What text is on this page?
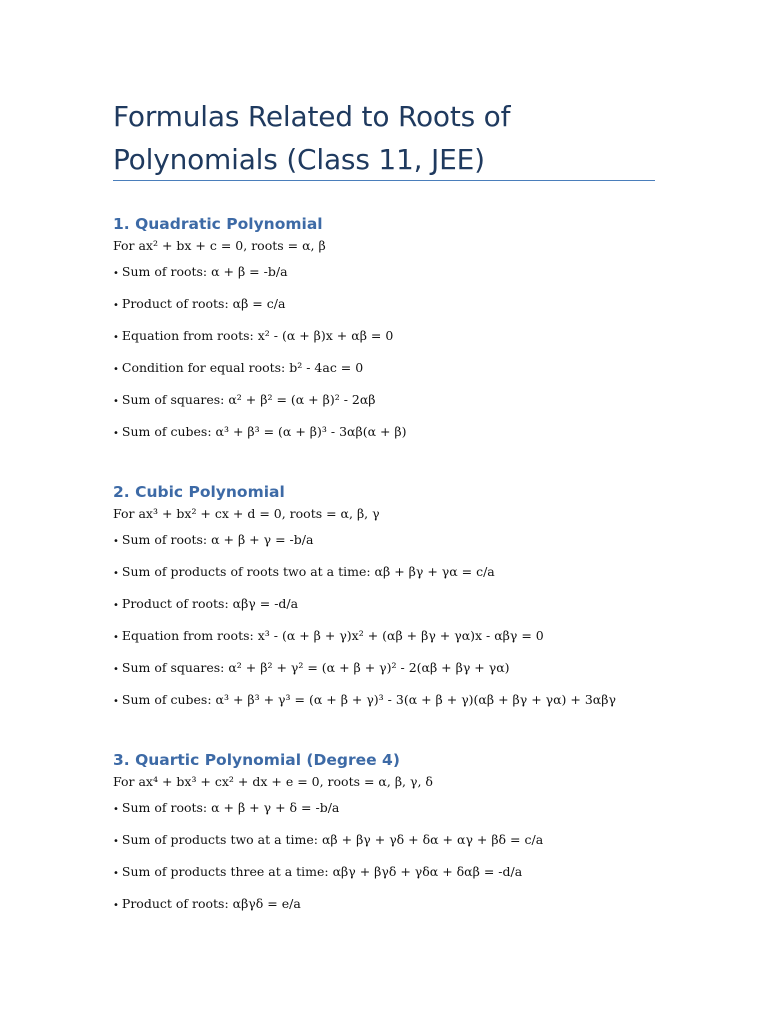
Formulas Related to Roots of
Polynomials (Class 11, JEE)
1. Quadratic Polynomial
For ax² + bx + c = 0, roots = α, β
• Sum of roots: α + β = -b/a
• Product of roots: αβ = c/a
• Equation from roots: x² - (α + β)x + αβ = 0
• Condition for equal roots: b² - 4ac = 0
• Sum of squares: α² + β² = (α + β)² - 2αβ
• Sum of cubes: α³ + β³ = (α + β)³ - 3αβ(α + β)
2. Cubic Polynomial
For ax³ + bx² + cx + d = 0, roots = α, β, γ
• Sum of roots: α + β + γ = -b/a
• Sum of products of roots two at a time: αβ + βγ + γα = c/a
• Product of roots: αβγ = -d/a
• Equation from roots: x³ - (α + β + γ)x² + (αβ + βγ + γα)x - αβγ = 0
• Sum of squares: α² + β² + γ² = (α + β + γ)² - 2(αβ + βγ + γα)
• Sum of cubes: α³ + β³ + γ³ = (α + β + γ)³ - 3(α + β + γ)(αβ + βγ + γα) + 3αβγ
3. Quartic Polynomial (Degree 4)
For ax⁴ + bx³ + cx² + dx + e = 0, roots = α, β, γ, δ
• Sum of roots: α + β + γ + δ = -b/a
• Sum of products two at a time: αβ + βγ + γδ + δα + αγ + βδ = c/a
• Sum of products three at a time: αβγ + βγδ + γδα + δαβ = -d/a
• Product of roots: αβγδ = e/a
